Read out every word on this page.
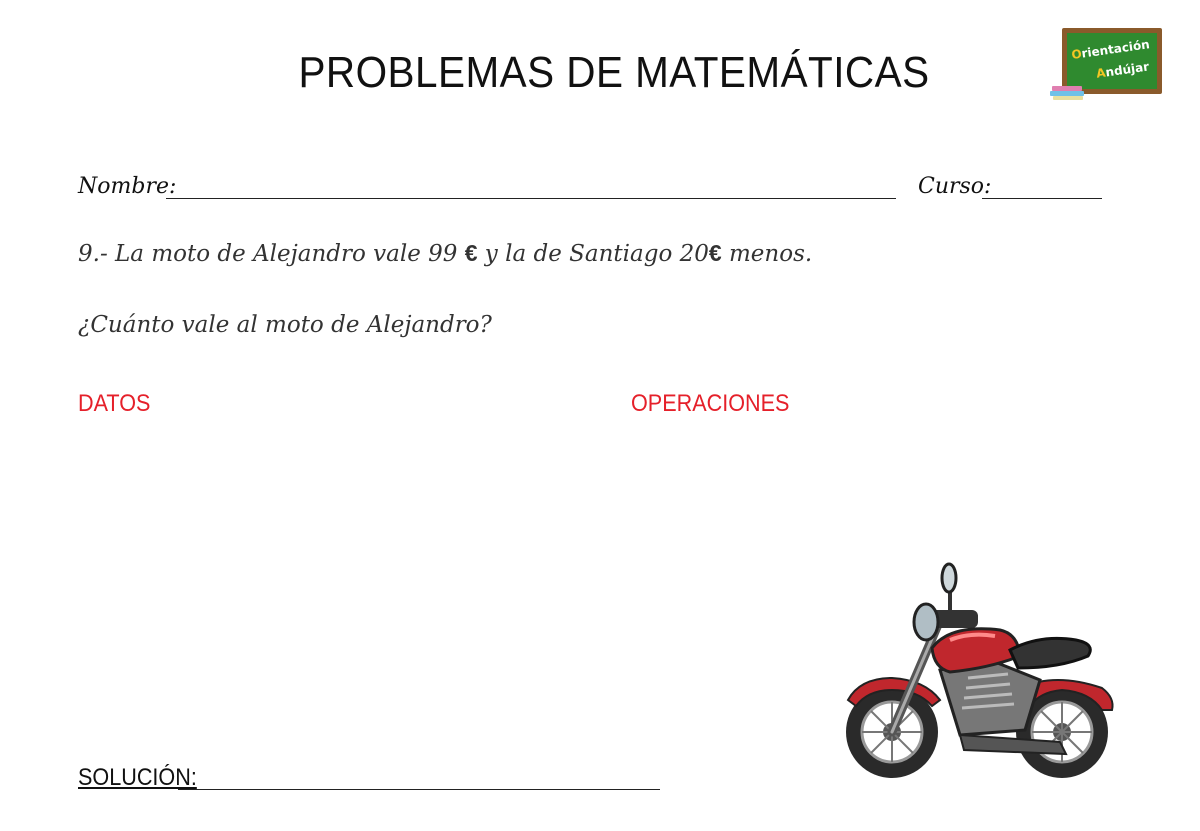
PROBLEMAS DE MATEMÁTICAS	Orientación
Andújar
Nombre:	Curso:
9.- La moto de Alejandro vale 99 € y la de Santiago 20€ menos.
¿Cuánto vale al moto de Alejandro?
DATOS	OPERACIONES
SOLUCIÓN:
